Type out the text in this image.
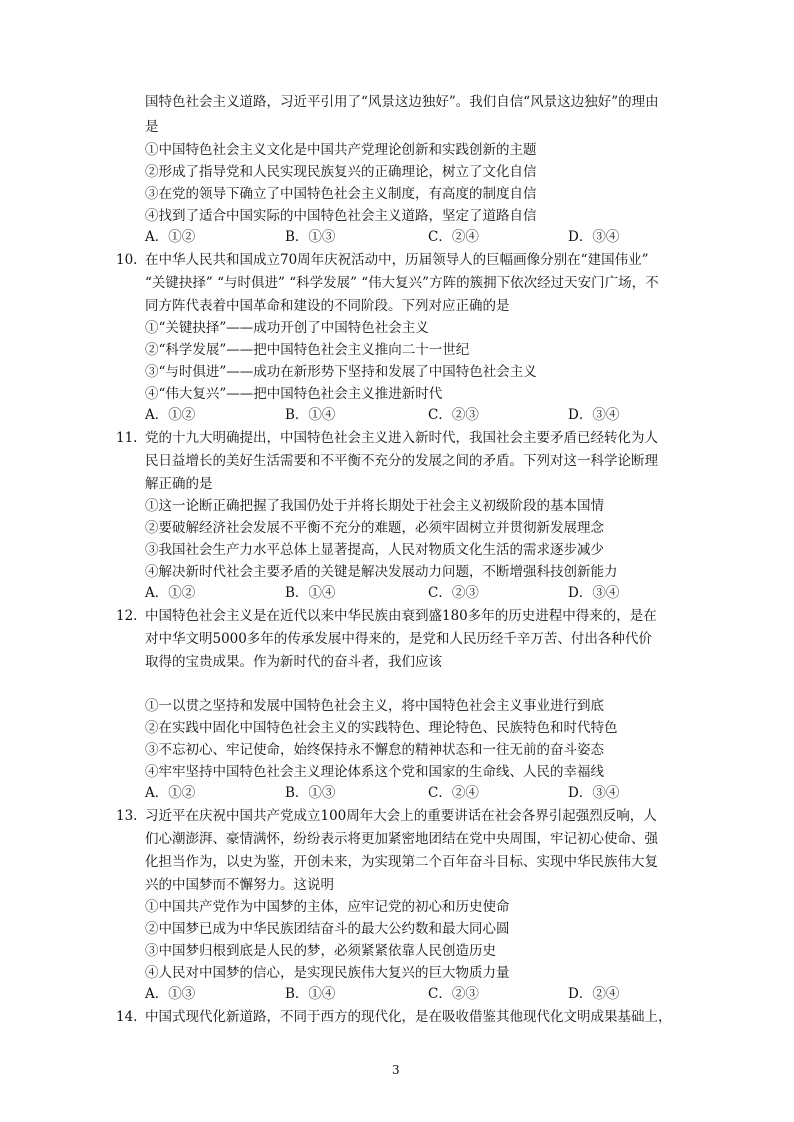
国特色社会主义道路，习近平引用了“风景这边独好”。我们自信“风景这边独好”的理由
是
①中国特色社会主义文化是中国共产党理论创新和实践创新的主题
②形成了指导党和人民实现民族复兴的正确理论，树立了文化自信
③在党的领导下确立了中国特色社会主义制度，有高度的制度自信
④找到了适合中国实际的中国特色社会主义道路，坚定了道路自信
A．①②	B．①③	C．②④	D．③④
10. 在中华人民共和国成立70周年庆祝活动中，历届领导人的巨幅画像分别在“建国伟业”
“关键抉择” “与时俱进” “科学发展” “伟大复兴”方阵的簇拥下依次经过天安门广场，不
同方阵代表着中国革命和建设的不同阶段。下列对应正确的是
①“关键抉择”——成功开创了中国特色社会主义
②“科学发展”——把中国特色社会主义推向二十一世纪
③“与时俱进”——成功在新形势下坚持和发展了中国特色社会主义
④“伟大复兴”——把中国特色社会主义推进新时代
A．①②	B．①④	C．②③	D．③④
11. 党的十九大明确提出，中国特色社会主义进入新时代，我国社会主要矛盾已经转化为人
民日益增长的美好生活需要和不平衡不充分的发展之间的矛盾。下列对这一科学论断理
解正确的是
①这一论断正确把握了我国仍处于并将长期处于社会主义初级阶段的基本国情
②要破解经济社会发展不平衡不充分的难题，必须牢固树立并贯彻新发展理念
③我国社会生产力水平总体上显著提高，人民对物质文化生活的需求逐步减少
④解决新时代社会主要矛盾的关键是解决发展动力问题，不断增强科技创新能力
A．①②	B．①④	C．②③	D．③④
12. 中国特色社会主义是在近代以来中华民族由衰到盛180多年的历史进程中得来的，是在
对中华文明5000多年的传承发展中得来的，是党和人民历经千辛万苦、付出各种代价
取得的宝贵成果。作为新时代的奋斗者，我们应该
①一以贯之坚持和发展中国特色社会主义，将中国特色社会主义事业进行到底
②在实践中固化中国特色社会主义的实践特色、理论特色、民族特色和时代特色
③不忘初心、牢记使命，始终保持永不懈怠的精神状态和一往无前的奋斗姿态
④牢牢坚持中国特色社会主义理论体系这个党和国家的生命线、人民的幸福线
A．①②	B．①③	C．②④	D．③④
13. 习近平在庆祝中国共产党成立100周年大会上的重要讲话在社会各界引起强烈反响，人
们心潮澎湃、豪情满怀，纷纷表示将更加紧密地团结在党中央周围，牢记初心使命、强
化担当作为，以史为鉴，开创未来，为实现第二个百年奋斗目标、实现中华民族伟大复
兴的中国梦而不懈努力。这说明
①中国共产党作为中国梦的主体，应牢记党的初心和历史使命
②中国梦已成为中华民族团结奋斗的最大公约数和最大同心圆
③中国梦归根到底是人民的梦，必须紧紧依靠人民创造历史
④人民对中国梦的信心，是实现民族伟大复兴的巨大物质力量
A．①③	B．①④	C．②③	D．②④
14. 中国式现代化新道路，不同于西方的现代化，是在吸收借鉴其他现代化文明成果基础上，
3
